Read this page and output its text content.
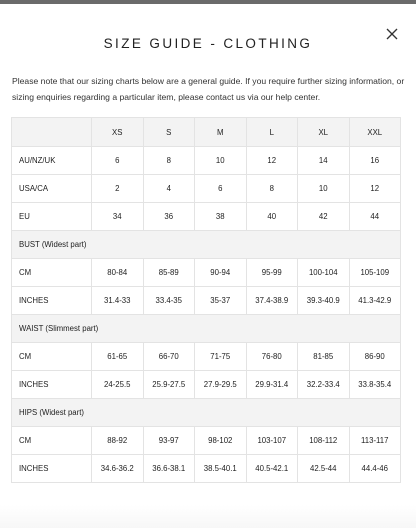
SIZE GUIDE - CLOTHING
Please note that our sizing charts below are a general guide. If you require further sizing information, or sizing enquiries regarding a particular item, please contact us via our help center.
	XS	S	M	L	XL	XXL
AU/NZ/UK	6	8	10	12	14	16
USA/CA	2	4	6	8	10	12
EU	34	36	38	40	42	44
BUST (Widest part)						
CM	80-84	85-89	90-94	95-99	100-104	105-109
INCHES	31.4-33	33.4-35	35-37	37.4-38.9	39.3-40.9	41.3-42.9
WAIST (Slimmest part)						
CM	61-65	66-70	71-75	76-80	81-85	86-90
INCHES	24-25.5	25.9-27.5	27.9-29.5	29.9-31.4	32.2-33.4	33.8-35.4
HIPS (Widest part)						
CM	88-92	93-97	98-102	103-107	108-112	113-117
INCHES	34.6-36.2	36.6-38.1	38.5-40.1	40.5-42.1	42.5-44	44.4-46
